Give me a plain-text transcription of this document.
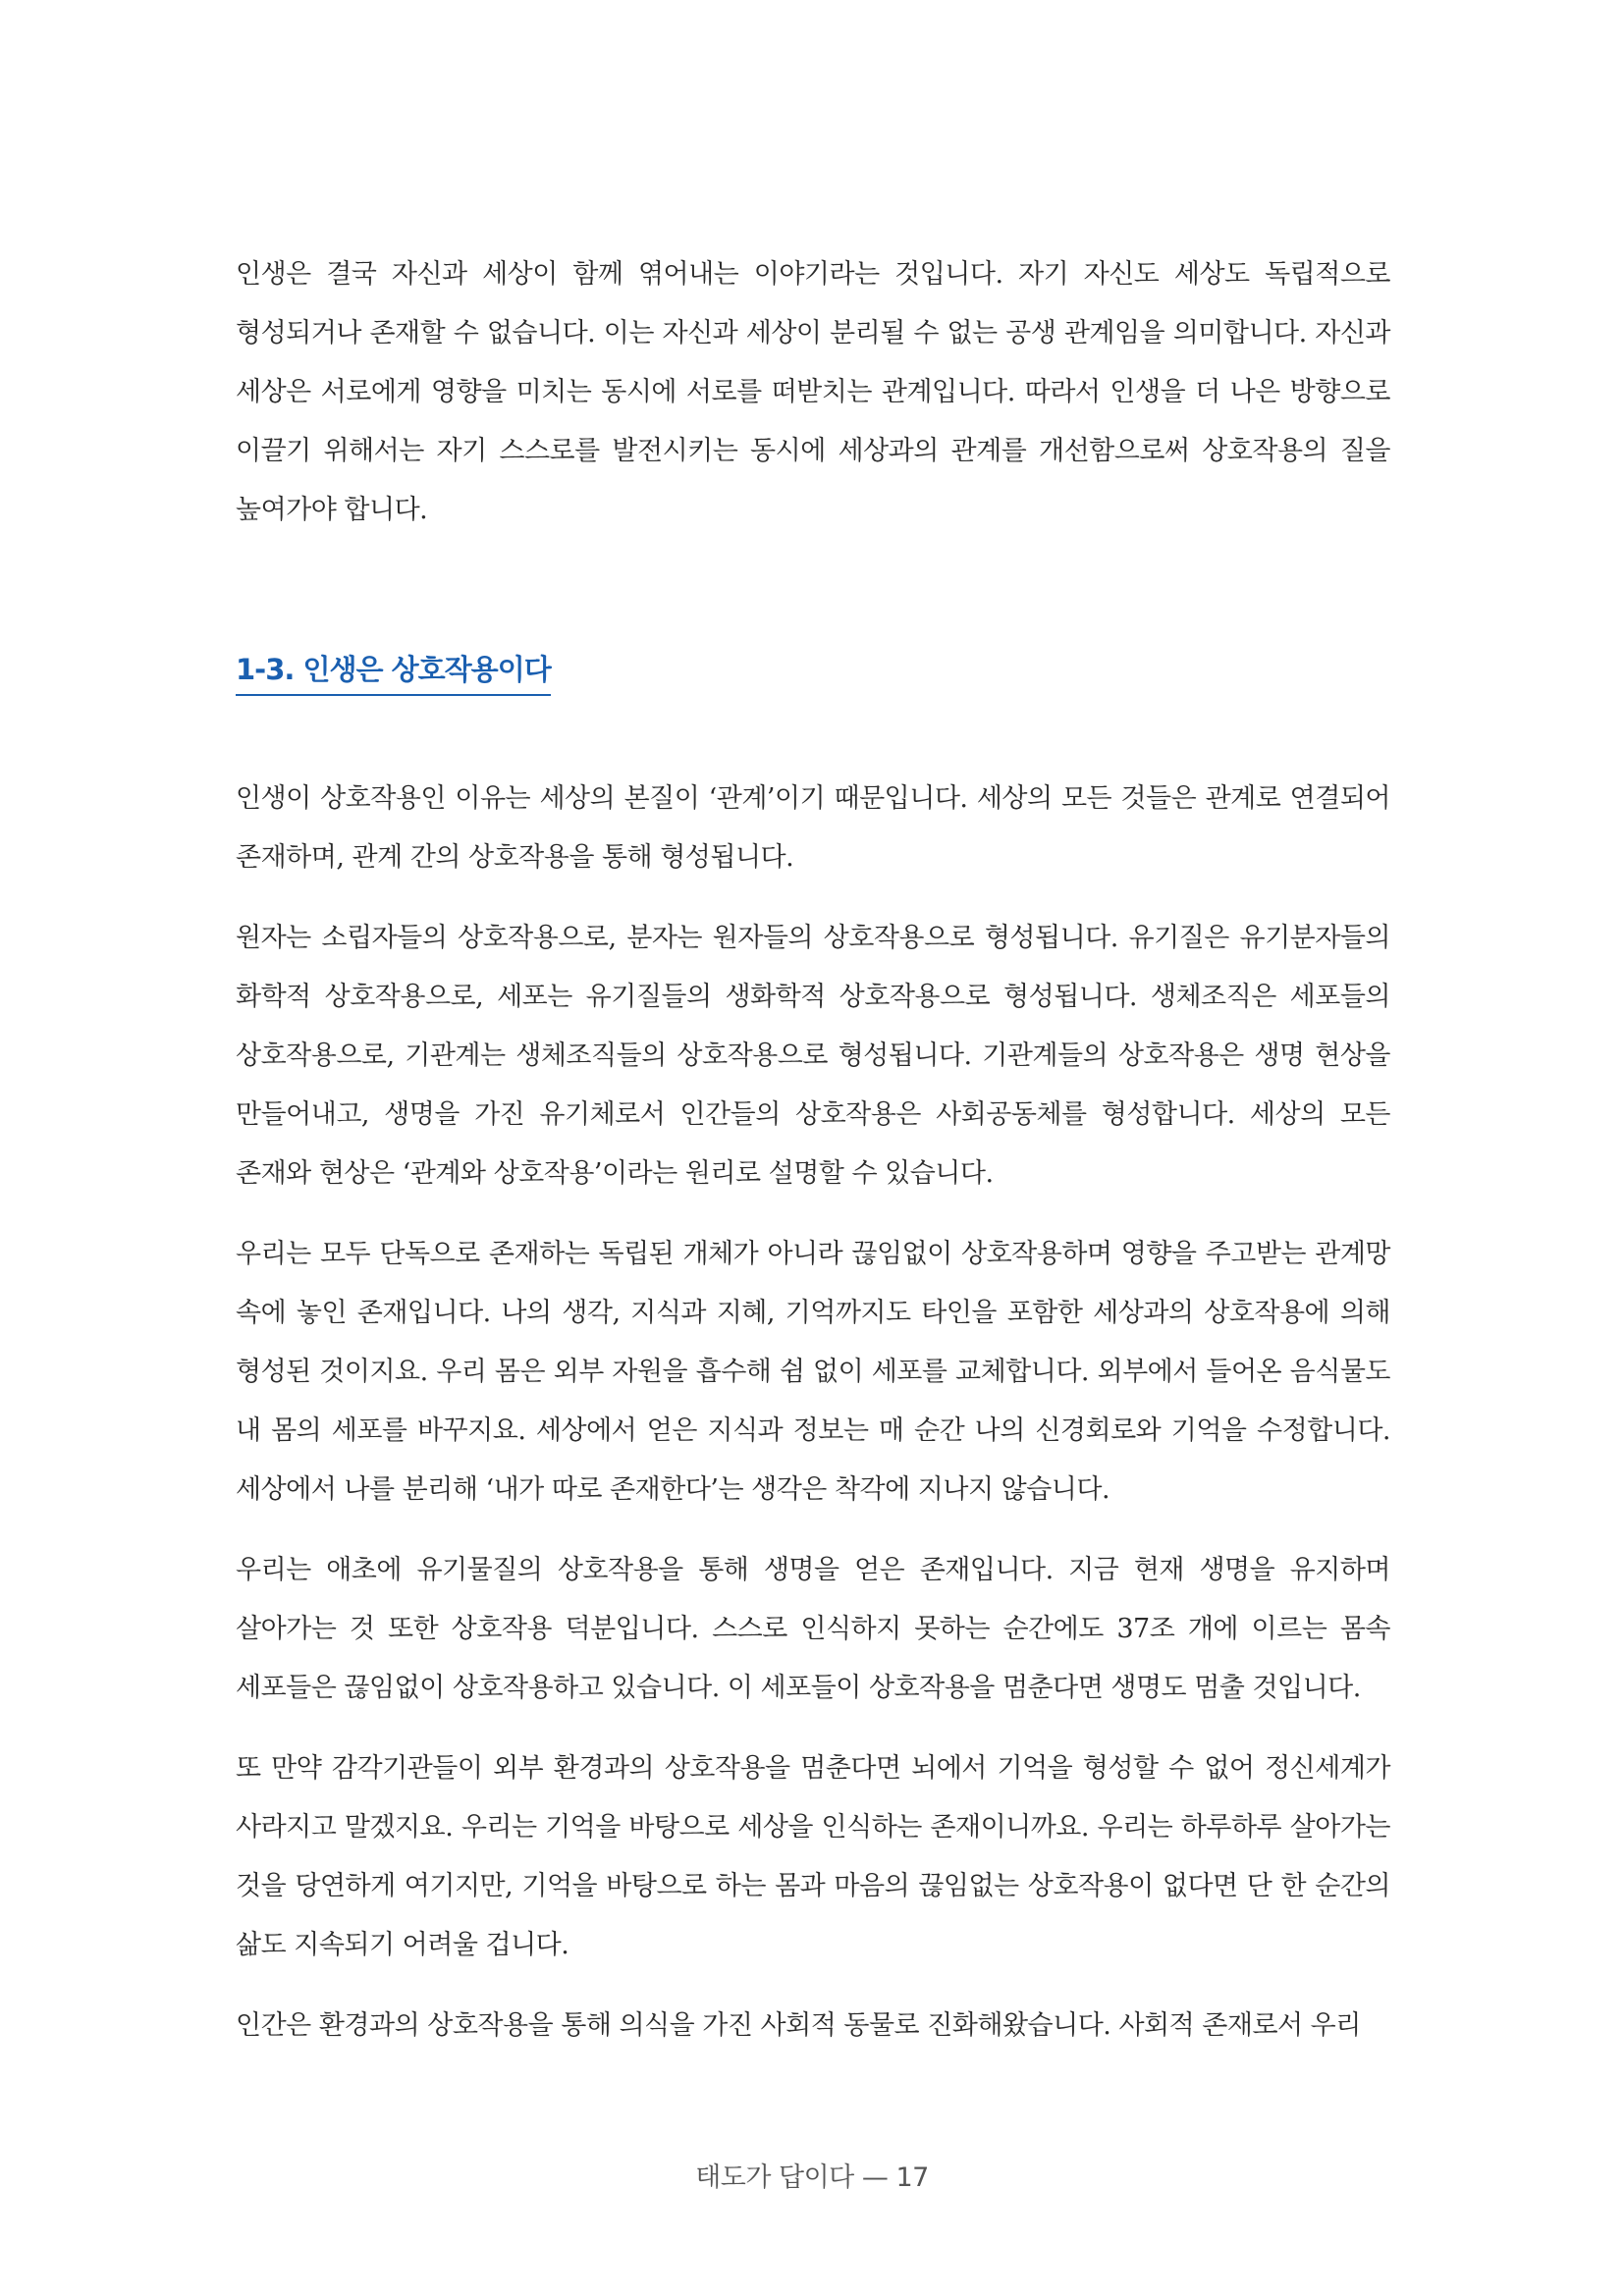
인생은 결국 자신과 세상이 함께 엮어내는 이야기라는 것입니다. 자기 자신도 세상도 독립적으로 형성되거나 존재할 수 없습니다. 이는 자신과 세상이 분리될 수 없는 공생 관계임을 의미합니다. 자신과 세상은 서로에게 영향을 미치는 동시에 서로를 떠받치는 관계입니다. 따라서 인생을 더 나은 방향으로 이끌기 위해서는 자기 스스로를 발전시키는 동시에 세상과의 관계를 개선함으로써 상호작용의 질을 높여가야 합니다.

1-3. 인생은 상호작용이다

인생이 상호작용인 이유는 세상의 본질이 ‘관계’이기 때문입니다. 세상의 모든 것들은 관계로 연결되어 존재하며, 관계 간의 상호작용을 통해 형성됩니다.

원자는 소립자들의 상호작용으로, 분자는 원자들의 상호작용으로 형성됩니다. 유기질은 유기분자들의 화학적 상호작용으로, 세포는 유기질들의 생화학적 상호작용으로 형성됩니다. 생체조직은 세포들의 상호작용으로, 기관계는 생체조직들의 상호작용으로 형성됩니다. 기관계들의 상호작용은 생명 현상을 만들어내고, 생명을 가진 유기체로서 인간들의 상호작용은 사회공동체를 형성합니다. 세상의 모든 존재와 현상은 ‘관계와 상호작용’이라는 원리로 설명할 수 있습니다.

우리는 모두 단독으로 존재하는 독립된 개체가 아니라 끊임없이 상호작용하며 영향을 주고받는 관계망 속에 놓인 존재입니다. 나의 생각, 지식과 지혜, 기억까지도 타인을 포함한 세상과의 상호작용에 의해 형성된 것이지요. 우리 몸은 외부 자원을 흡수해 쉼 없이 세포를 교체합니다. 외부에서 들어온 음식물도 내 몸의 세포를 바꾸지요. 세상에서 얻은 지식과 정보는 매 순간 나의 신경회로와 기억을 수정합니다. 세상에서 나를 분리해 ‘내가 따로 존재한다’는 생각은 착각에 지나지 않습니다.

우리는 애초에 유기물질의 상호작용을 통해 생명을 얻은 존재입니다. 지금 현재 생명을 유지하며 살아가는 것 또한 상호작용 덕분입니다. 스스로 인식하지 못하는 순간에도 37조 개에 이르는 몸속 세포들은 끊임없이 상호작용하고 있습니다. 이 세포들이 상호작용을 멈춘다면 생명도 멈출 것입니다.

또 만약 감각기관들이 외부 환경과의 상호작용을 멈춘다면 뇌에서 기억을 형성할 수 없어 정신세계가 사라지고 말겠지요. 우리는 기억을 바탕으로 세상을 인식하는 존재이니까요. 우리는 하루하루 살아가는 것을 당연하게 여기지만, 기억을 바탕으로 하는 몸과 마음의 끊임없는 상호작용이 없다면 단 한 순간의 삶도 지속되기 어려울 겁니다.

인간은 환경과의 상호작용을 통해 의식을 가진 사회적 동물로 진화해왔습니다. 사회적 존재로서 우리

태도가 답이다 — 17
